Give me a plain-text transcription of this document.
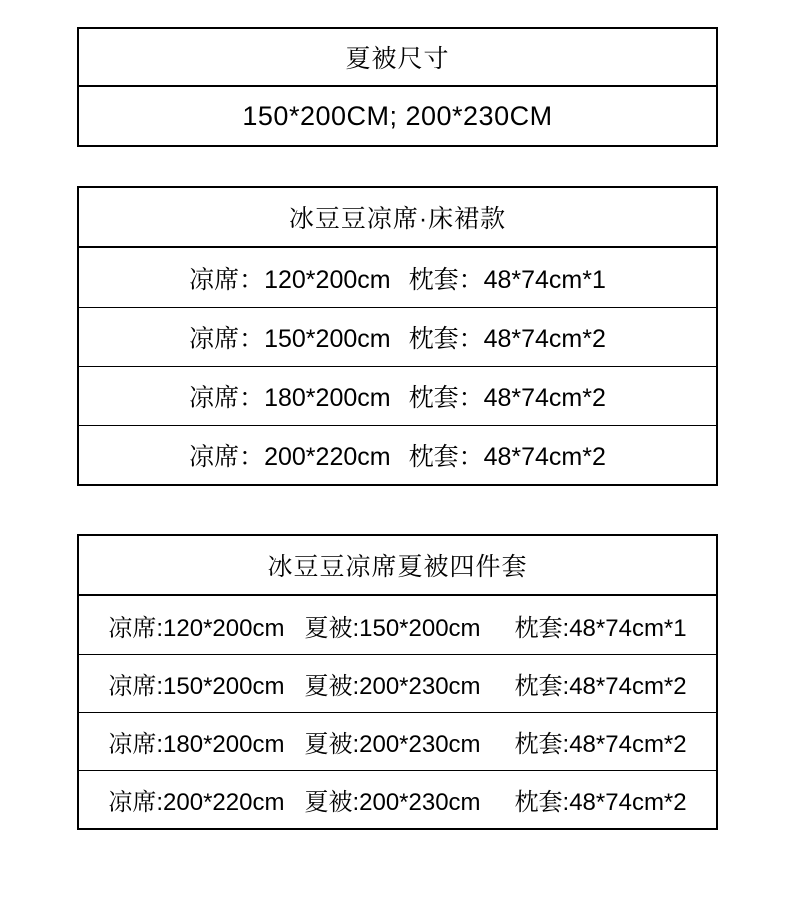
夏被尺寸
150*200CM; 200*230CM
冰豆豆凉席·床裙款
凉席：120*200cm 枕套：48*74cm*1
凉席：150*200cm 枕套：48*74cm*2
凉席：180*200cm 枕套：48*74cm*2
凉席：200*220cm 枕套：48*74cm*2
冰豆豆凉席夏被四件套
凉席:120*200cm 夏被:150*200cm 枕套:48*74cm*1
凉席:150*200cm 夏被:200*230cm 枕套:48*74cm*2
凉席:180*200cm 夏被:200*230cm 枕套:48*74cm*2
凉席:200*220cm 夏被:200*230cm 枕套:48*74cm*2
